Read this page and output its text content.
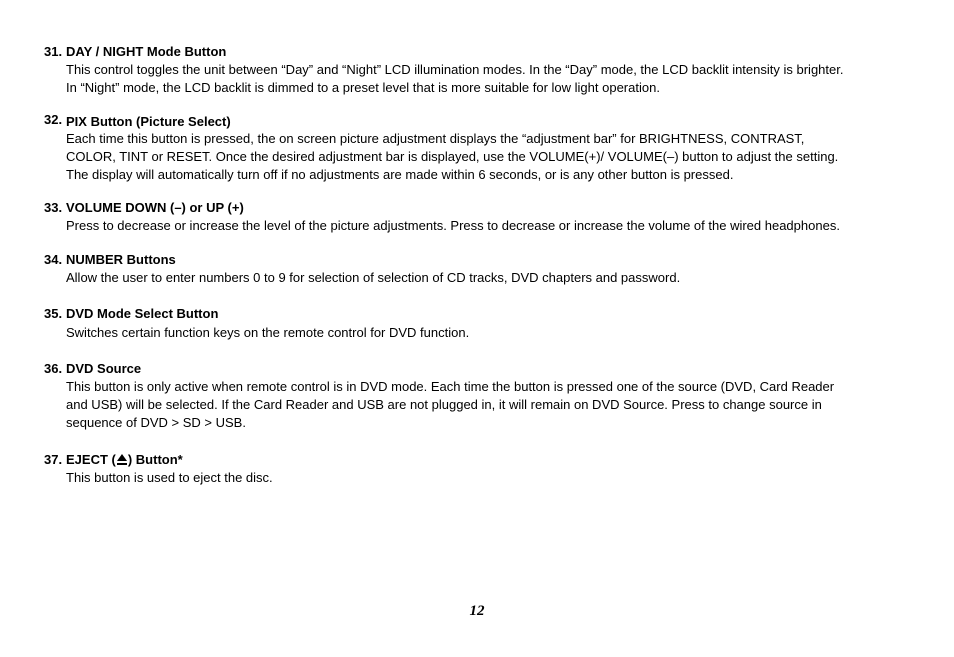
31. DAY / NIGHT Mode Button
This control toggles the unit between “Day” and “Night” LCD illumination modes. In the “Day” mode, the LCD backlit intensity is brighter.
In “Night” mode, the LCD backlit is dimmed to a preset level that is more suitable for low light operation.
32. PIX Button (Picture Select)
Each time this button is pressed, the on screen picture adjustment displays the “adjustment bar” for BRIGHTNESS, CONTRAST,
COLOR, TINT or RESET. Once the desired adjustment bar is displayed, use the VOLUME(+)/ VOLUME(–) button to adjust the setting.
The display will automatically turn off if no adjustments are made within 6 seconds, or is any other button is pressed.
33. VOLUME DOWN (–) or UP (+)
Press to decrease or increase the level of the picture adjustments. Press to decrease or increase the volume of the wired headphones.
34. NUMBER Buttons
Allow the user to enter numbers 0 to 9 for selection of selection of CD tracks, DVD chapters and password.
35. DVD Mode Select Button
Switches certain function keys on the remote control for DVD function.
36. DVD Source
This button is only active when remote control is in DVD mode. Each time the button is pressed one of the source (DVD, Card Reader
and USB) will be selected. If the Card Reader and USB are not plugged in, it will remain on DVD Source. Press to change source in
sequence of DVD > SD > USB.
37. EJECT ( ) Button*
This button is used to eject the disc.
12
